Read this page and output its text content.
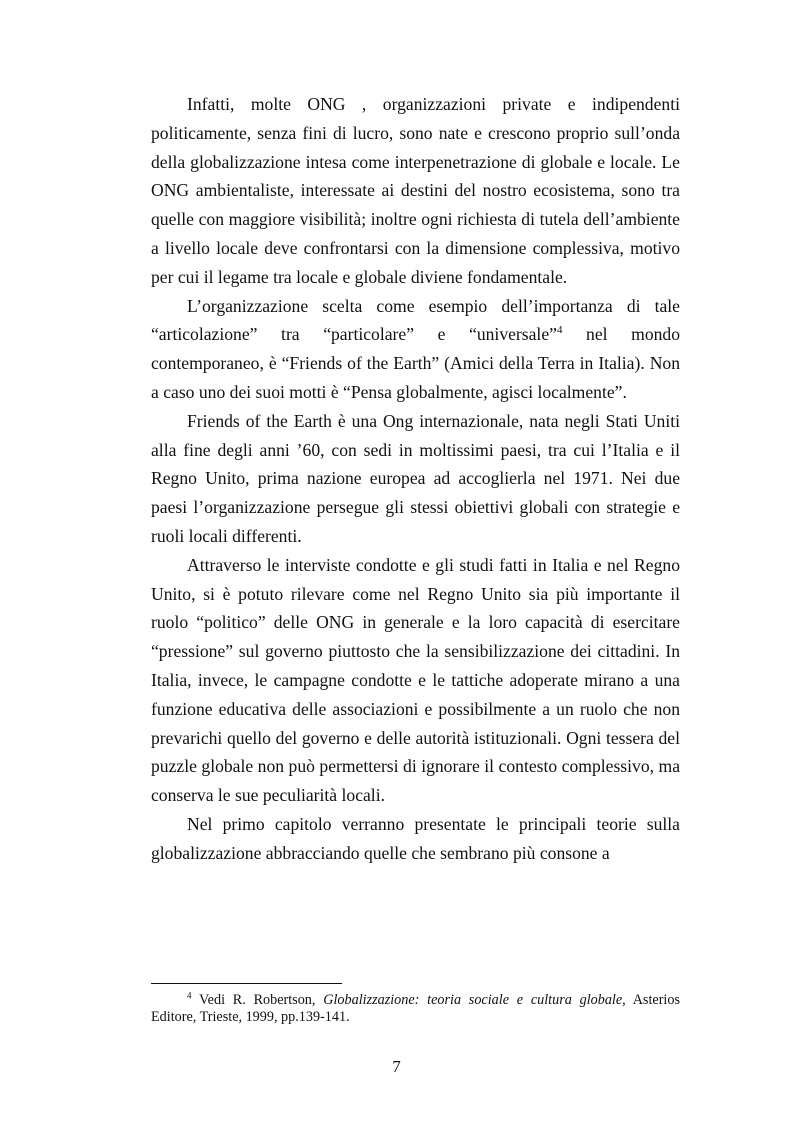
Infatti, molte ONG , organizzazioni private e indipendenti politicamente, senza fini di lucro, sono nate e crescono proprio sull’onda della globalizzazione intesa come interpenetrazione di globale e locale. Le ONG ambientaliste, interessate ai destini del nostro ecosistema, sono tra quelle con maggiore visibilità; inoltre ogni richiesta di tutela dell’ambiente a livello locale deve confrontarsi con la dimensione complessiva, motivo per cui il legame tra locale e globale diviene fondamentale.

L’organizzazione scelta come esempio dell’importanza di tale “articolazione” tra “particolare” e “universale”$^4$ nel mondo contemporaneo, è “Friends of the Earth” (Amici della Terra in Italia). Non a caso uno dei suoi motti è “Pensa globalmente, agisci localmente”.

Friends of the Earth è una Ong internazionale, nata negli Stati Uniti alla fine degli anni ’60, con sedi in moltissimi paesi, tra cui l’Italia e il Regno Unito, prima nazione europea ad accoglierla nel 1971. Nei due paesi l’organizzazione persegue gli stessi obiettivi globali con strategie e ruoli locali differenti.

Attraverso le interviste condotte e gli studi fatti in Italia e nel Regno Unito, si è potuto rilevare come nel Regno Unito sia più importante il ruolo “politico” delle ONG in generale e la loro capacità di esercitare “pressione” sul governo piuttosto che la sensibilizzazione dei cittadini. In Italia, invece, le campagne condotte e le tattiche adoperate mirano a una funzione educativa delle associazioni e possibilmente a un ruolo che non prevarichi quello del governo e delle autorità istituzionali. Ogni tessera del puzzle globale non può permettersi di ignorare il contesto complessivo, ma conserva le sue peculiarità locali.

Nel primo capitolo verranno presentate le principali teorie sulla globalizzazione abbracciando quelle che sembrano più consone a

$^4$ Vedi R. Robertson, Globalizzazione: teoria sociale e cultura globale, Asterios Editore, Trieste, 1999, pp.139-141.

7
